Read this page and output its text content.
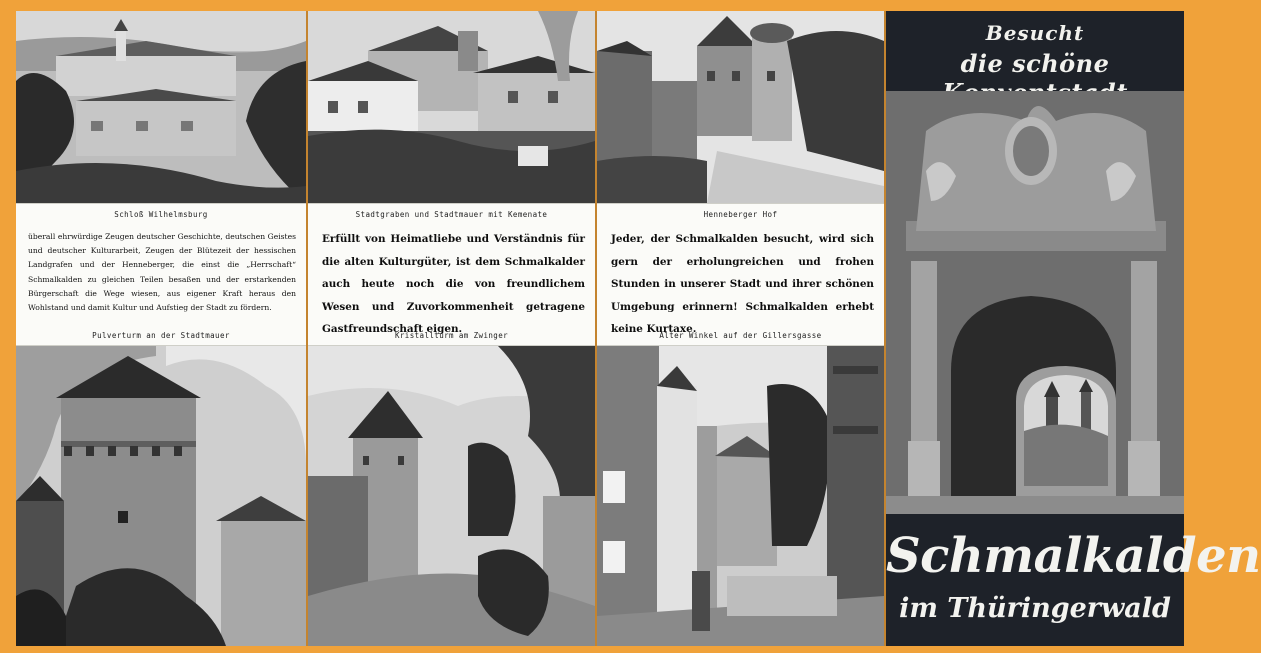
Schloß Wilhelmsburg
überall ehrwürdige Zeugen deutscher Geschichte, deutschen Geistes und deutscher Kulturarbeit, Zeugen der Blütezeit der hessischen Landgrafen und der Henneberger, die einst die „Herrschaft“ Schmalkalden zu gleichen Teilen besaßen und der erstarkenden Bürgerschaft die Wege wiesen, aus eigener Kraft heraus den Wohlstand und damit Kultur und Aufstieg der Stadt zu fördern.
Pulverturm an der Stadtmauer
Stadtgraben und Stadtmauer mit Kemenate
Erfüllt von Heimatliebe und Verständnis für die alten Kulturgüter, ist dem Schmalkalder auch heute noch die von freundlichem Wesen und Zuvorkommenheit getragene Gastfreundschaft eigen.
Kristallturm am Zwinger
Henneberger Hof
Jeder, der Schmalkalden besucht, wird sich gern der erholungreichen und frohen Stunden in unserer Stadt und ihrer schönen Umgebung erinnern! Schmalkalden erhebt keine Kurtaxe.
Alter Winkel auf der Gillersgasse
Besucht
die schöne
Schmalkalden
im Thüringerwald
